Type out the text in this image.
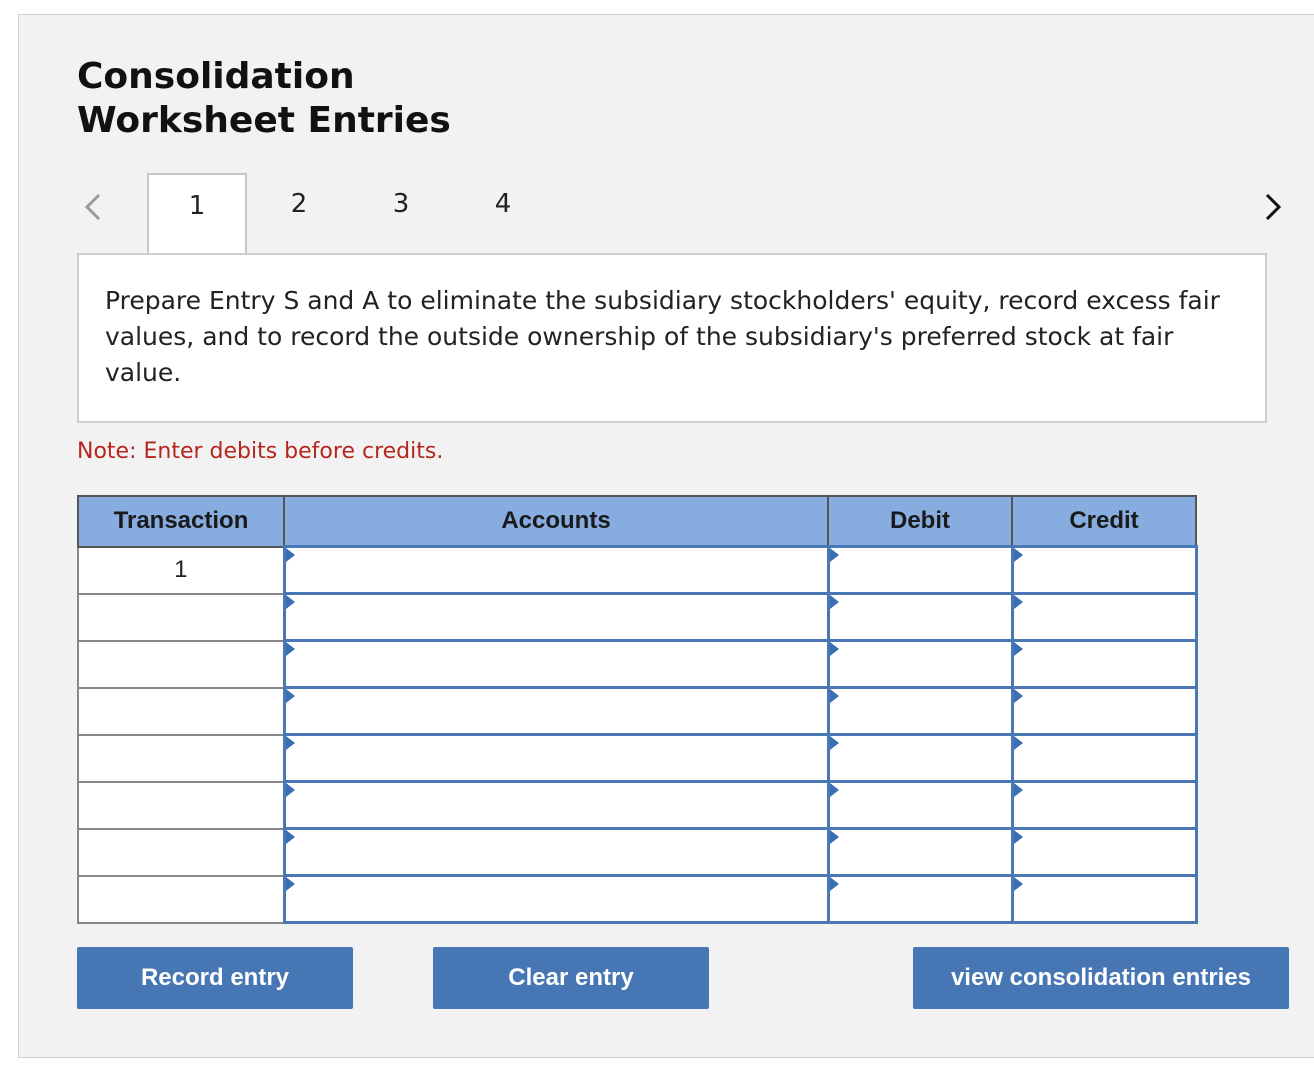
Consolidation
Worksheet Entries
1	2	3	4
Prepare Entry S and A to eliminate the subsidiary stockholders' equity, record excess fair values, and to record the outside ownership of the subsidiary's preferred stock at fair value.
Note: Enter debits before credits.
Transaction	Accounts	Debit	Credit
1	

Record entry	Clear entry	view consolidation entries
